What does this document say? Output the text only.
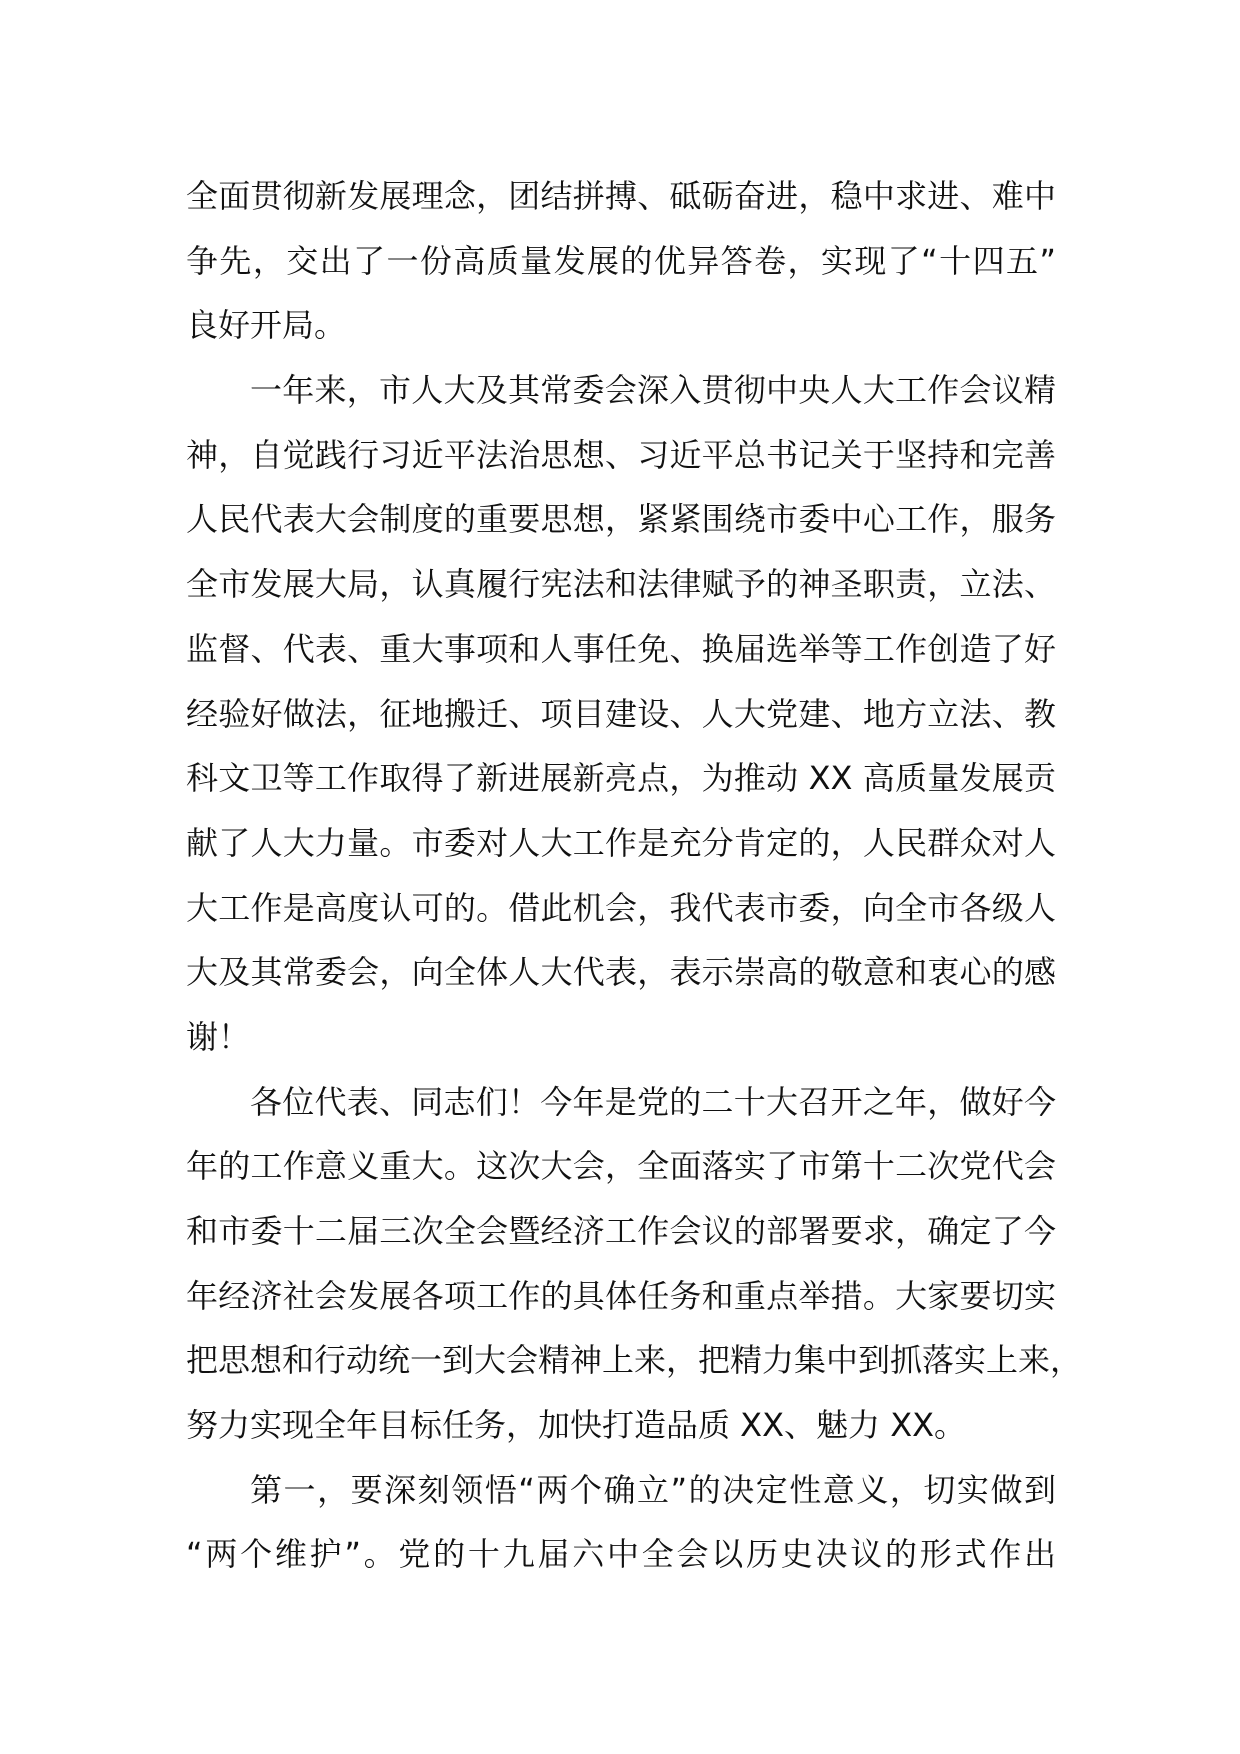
全面贯彻新发展理念，团结拼搏、砥砺奋进，稳中求进、难中
争先，交出了一份高质量发展的优异答卷，实现了“十四五”
良好开局。
一年来，市人大及其常委会深入贯彻中央人大工作会议精
神，自觉践行习近平法治思想、习近平总书记关于坚持和完善
人民代表大会制度的重要思想，紧紧围绕市委中心工作，服务
全市发展大局，认真履行宪法和法律赋予的神圣职责，立法、
监督、代表、重大事项和人事任免、换届选举等工作创造了好
经验好做法，征地搬迁、项目建设、人大党建、地方立法、教
科文卫等工作取得了新进展新亮点，为推动 XX 高质量发展贡
献了人大力量。市委对人大工作是充分肯定的，人民群众对人
大工作是高度认可的。借此机会，我代表市委，向全市各级人
大及其常委会，向全体人大代表，表示崇高的敬意和衷心的感
谢！
各位代表、同志们！今年是党的二十大召开之年，做好今
年的工作意义重大。这次大会，全面落实了市第十二次党代会
和市委十二届三次全会暨经济工作会议的部署要求，确定了今
年经济社会发展各项工作的具体任务和重点举措。大家要切实
把思想和行动统一到大会精神上来，把精力集中到抓落实上来，
努力实现全年目标任务，加快打造品质 XX、魅力 XX。
第一，要深刻领悟“两个确立”的决定性意义，切实做到
“两个维护”。党的十九届六中全会以历史决议的形式作出
